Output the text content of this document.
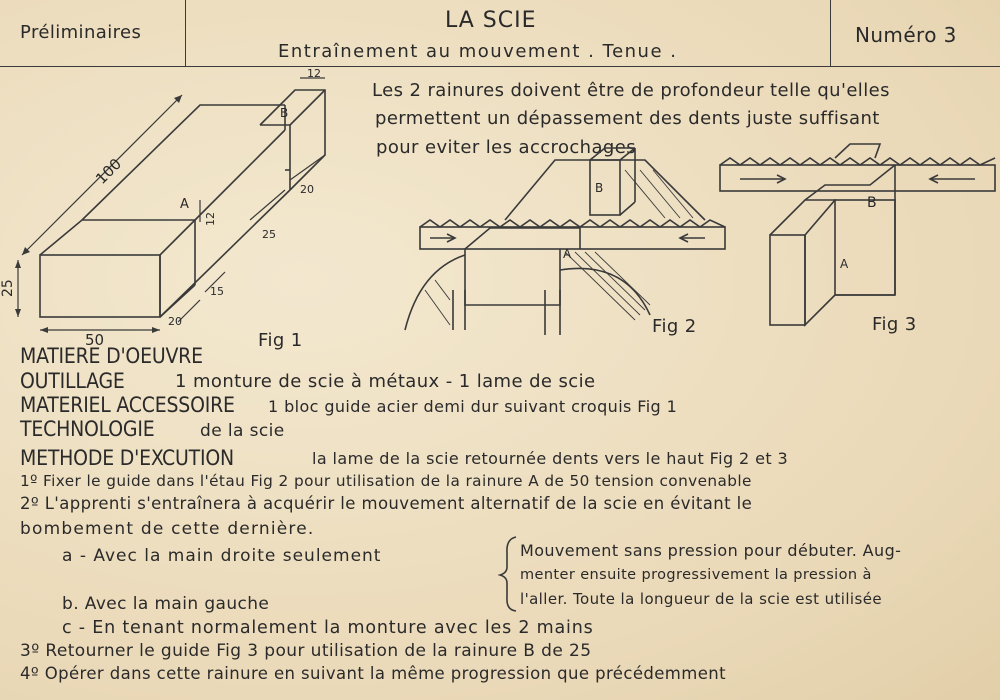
Préliminaires	LA SCIE
Entraînement au mouvement . Tenue .
Numéro 3
Les 2 rainures doivent être de profondeur telle qu'elles
permettent un dépassement des dents juste suffisant
pour eviter les accrochages
100
12
25
50
20
15
25
20
12
A
B
Fig 1
A
B
Fig 2
B
A
Fig 3
MATIERE D'OEUVRE
OUTILLAGE	1 monture de scie à métaux - 1 lame de scie
MATERIEL ACCESSOIRE 1 bloc guide acier demi dur suivant croquis Fig 1
TECHNOLOGIE	de la scie
METHODE D'EXCUTION	la lame de la scie retournée dents vers le haut Fig 2 et 3
1º Fixer le guide dans l'étau Fig 2 pour utilisation de la rainure A de 50 tension convenable
2º L'apprenti s'entraînera à acquérir le mouvement alternatif de la scie en évitant le
bombement de cette dernière.
a - Avec la main droite seulement
b. Avec la main gauche
Mouvement sans pression pour débuter. Aug-
menter ensuite progressivement la pression à
l'aller. Toute la longueur de la scie est utilisée
c - En tenant normalement la monture avec les 2 mains
3º Retourner le guide Fig 3 pour utilisation de la rainure B de 25
4º Opérer dans cette rainure en suivant la même progression que précédemment
